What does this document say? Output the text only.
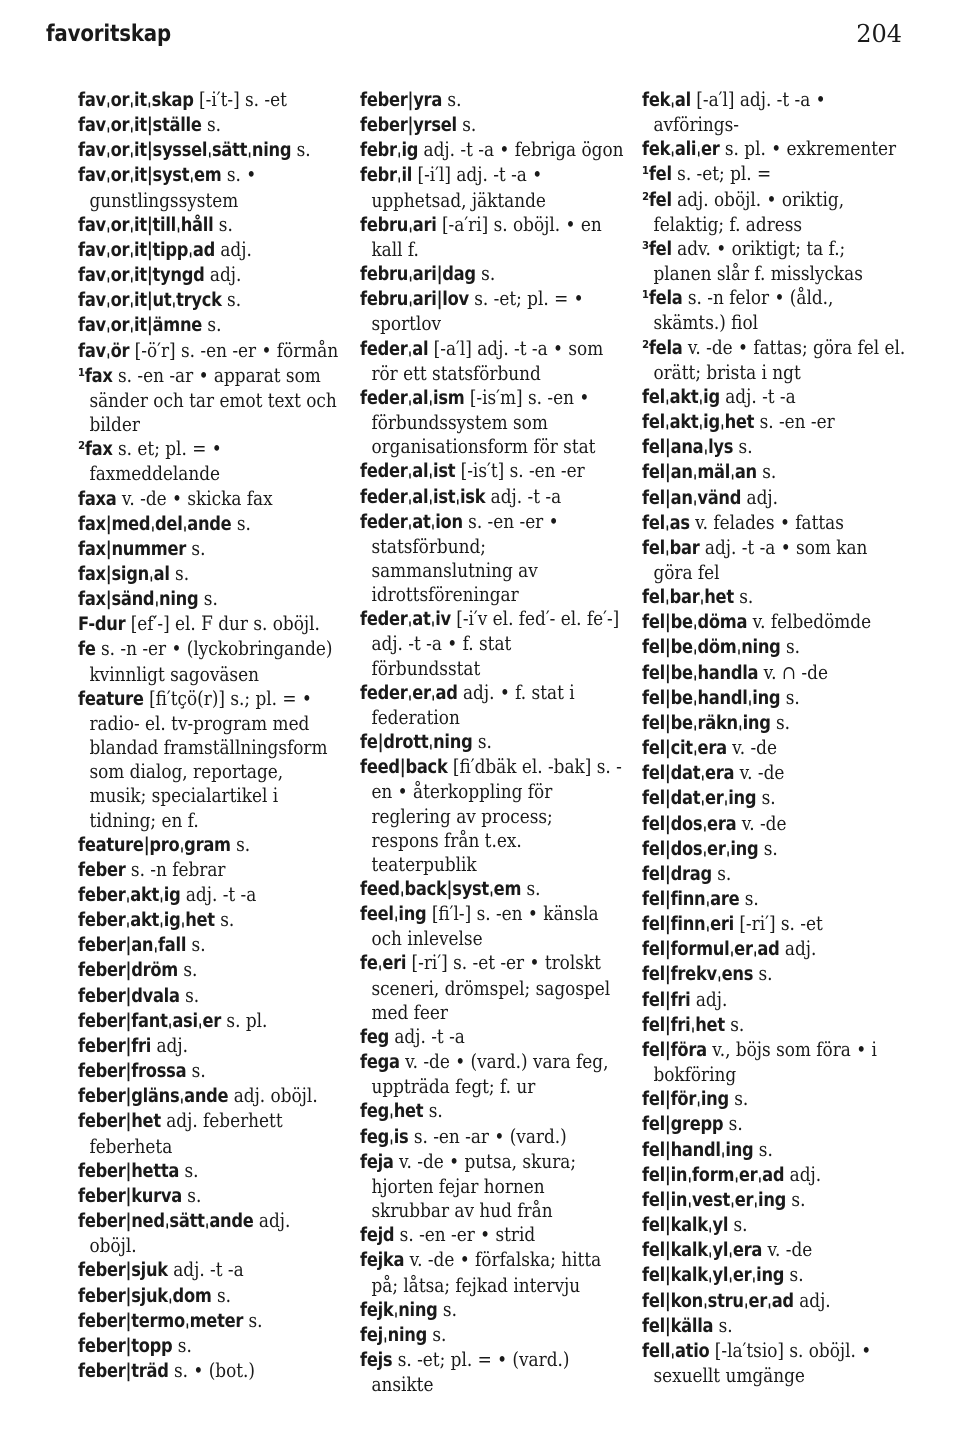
favoritskap	204

favˌorˌitˌskap [-i′t-] s. -et

favˌorˌit|ställe s.

favˌorˌit|sysselˌsättˌning s.

favˌorˌit|systˌem s. • gunstlingssystem

favˌorˌit|tillˌhåll s.

favˌorˌit|tippˌad adj.

favˌorˌit|tyngd adj.

favˌorˌit|utˌtryck s.

favˌorˌit|ämne s.

favˌör [-ö′r] s. -en -er • förmån

¹fax s. -en -ar • apparat som sänder och tar emot text och bilder

²fax s. et; pl. = • faxmeddelande

faxa v. -de • skicka fax

fax|medˌdelˌande s.

fax|nummer s.

fax|signˌal s.

fax|sändˌning s.

F-dur [ef′-] el. F dur s. oböjl.

fe s. -n -er • (lyckobringande) kvinnligt sagoväsen

feature [fi′tçö(r)] s.; pl. = • radio- el. tv-program med blandad framställningsform som dialog, reportage, musik; specialartikel i tidning; en f.

feature|proˌgram s.

feber s. -n febrar

feberˌaktˌig adj. -t -a

feberˌaktˌigˌhet s.

feber|anˌfall s.

feber|dröm s.

feber|dvala s.

feber|fantˌasiˌer s. pl.

feber|fri adj.

feber|frossa s.

feber|glänsˌande adj. oböjl.

feber|het adj. feberhett feberheta

feber|hetta s.

feber|kurva s.

feber|nedˌsättˌande adj. oböjl.

feber|sjuk adj. -t -a

feber|sjukˌdom s.

feber|termoˌmeter s.

feber|topp s.

feber|träd s. • (bot.)

feber|yra s.

feber|yrsel s.

febrˌig adj. -t -a • febriga ögon

febrˌil [-i′l] adj. -t -a • upphetsad, jäktande

februˌari [-a′ri] s. oböjl. • en kall f.

februˌari|dag s.

februˌari|lov s. -et; pl. = • sportlov

federˌal [-a′l] adj. -t -a • som rör ett statsförbund

federˌalˌism [-is′m] s. -en • förbundssystem som organisationsform för stat

federˌalˌist [-is′t] s. -en -er

federˌalˌistˌisk adj. -t -a

federˌatˌion s. -en -er • statsförbund; sammanslutning av idrottsföreningar

federˌatˌiv [-i′v el. fed′- el. fe′-] adj. -t -a • f. stat förbundsstat

federˌerˌad adj. • f. stat i federation

fe|drottˌning s.

feed|back [fi′dbäk el. -bak] s. -en • återkoppling för reglering av process; respons från t.ex. teaterpublik

feedˌback|systˌem s.

feelˌing [fi′l-] s. -en • känsla och inlevelse

feˌeri [-ri′] s. -et -er • trolskt sceneri, drömspel; sagospel med feer

feg adj. -t -a

fega v. -de • (vard.) vara feg, uppträda fegt; f. ur

fegˌhet s.

fegˌis s. -en -ar • (vard.)

feja v. -de • putsa, skura; hjorten fejar hornen skrubbar av hud från

fejd s. -en -er • strid

fejka v. -de • förfalska; hitta på; låtsa; fejkad intervju

fejkˌning s.

fejˌning s.

fejs s. -et; pl. = • (vard.) ansikte

fekˌal [-a′l] adj. -t -a • avförings-

fekˌaliˌer s. pl. • exkrementer

¹fel s. -et; pl. =

²fel adj. oböjl. • oriktig, felaktig; f. adress

³fel adv. • oriktigt; ta f.; planen slår f. misslyckas

¹fela s. -n felor • (åld., skämts.) fiol

²fela v. -de • fattas; göra fel el. orätt; brista i ngt

felˌaktˌig adj. -t -a

felˌaktˌigˌhet s. -en -er

fel|anaˌlys s.

fel|anˌmälˌan s.

fel|anˌvänd adj.

felˌas v. felades • fattas

felˌbar adj. -t -a • som kan göra fel

felˌbarˌhet s.

fel|beˌdöma v. felbedömde

fel|beˌdömˌning s.

fel|beˌhandla v. ∩ -de

fel|beˌhandlˌing s.

fel|beˌräknˌing s.

fel|citˌera v. -de

fel|datˌera v. -de

fel|datˌerˌing s.

fel|dosˌera v. -de

fel|dosˌerˌing s.

fel|drag s.

fel|finnˌare s.

fel|finnˌeri [-ri′] s. -et

fel|formulˌerˌad adj.

fel|frekvˌens s.

fel|fri adj.

fel|friˌhet s.

fel|föra v., böjs som föra • i bokföring

fel|förˌing s.

fel|grepp s.

fel|handlˌing s.

fel|inˌformˌerˌad adj.

fel|inˌvestˌerˌing s.

fel|kalkˌyl s.

fel|kalkˌylˌera v. -de

fel|kalkˌylˌerˌing s.

fel|konˌstruˌerˌad adj.

fel|källa s.

fellˌatio [-la′tsio] s. oböjl. • sexuellt umgänge
